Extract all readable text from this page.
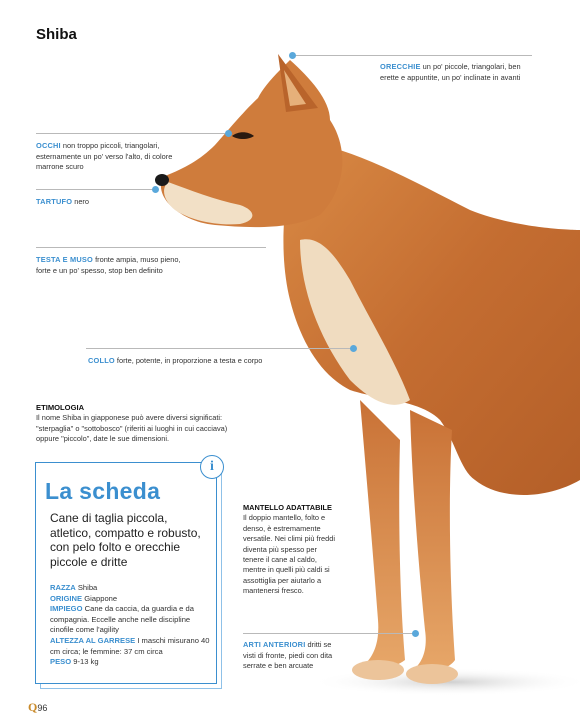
Shiba
ORECCHIE un po' piccole, triangolari, ben erette e appuntite, un po' inclinate in avanti
OCCHI non troppo piccoli, triangolari, esternamente un po' verso l'alto, di colore marrone scuro
TARTUFO nero
TESTA E MUSO fronte ampia, muso pieno, forte e un po' spesso, stop ben definito
COLLO forte, potente, in proporzione a testa e corpo
ETIMOLOGIA
Il nome Shiba in giapponese può avere diversi significati: "sterpaglia" o "sottobosco" (riferiti ai luoghi in cui cacciava) oppure "piccolo", date le sue dimensioni.
i
La scheda
Cane di taglia piccola, atletico, compatto e robusto, con pelo folto e orecchie piccole e dritte
RAZZA Shiba
ORIGINE Giappone
IMPIEGO Cane da caccia, da guardia e da compagnia. Eccelle anche nelle discipline cinofile come l'agility
ALTEZZA AL GARRESE I maschi misurano 40 cm circa; le femmine: 37 cm circa
PESO 9-13 kg
MANTELLO ADATTABILE
Il doppio mantello, folto e denso, è estremamente versatile. Nei climi più freddi diventa più spesso per tenere il cane al caldo, mentre in quelli più caldi si assottiglia per aiutarlo a mantenersi fresco.
ARTI ANTERIORI dritti se visti di fronte, piedi con dita serrate e ben arcuate
Q96
